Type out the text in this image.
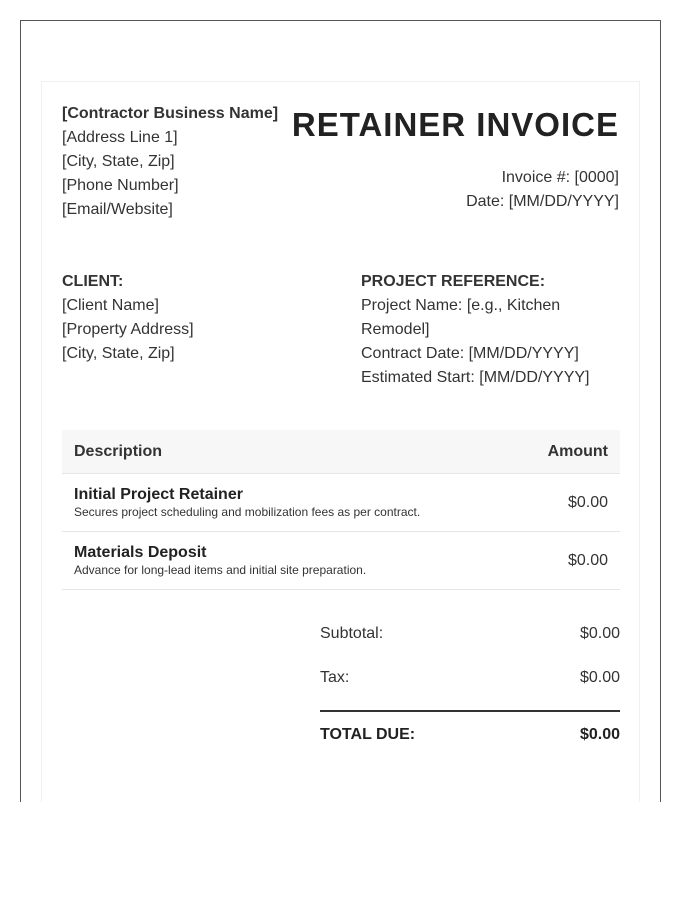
[Contractor Business Name]
[Address Line 1]
[City, State, Zip]
[Phone Number]
[Email/Website]
RETAINER INVOICE
Invoice #: [0000]
Date: [MM/DD/YYYY]
CLIENT:
[Client Name]
[Property Address]
[City, State, Zip]
PROJECT REFERENCE:
Project Name: [e.g., Kitchen Remodel]
Contract Date: [MM/DD/YYYY]
Estimated Start: [MM/DD/YYYY]
Description	Amount

Initial Project Retainer
Secures project scheduling and mobilization fees as per contract.	$0.00

Materials Deposit
Advance for long-lead items and initial site preparation.	$0.00
Subtotal:	$0.00
Tax:	$0.00
TOTAL DUE:	$0.00
